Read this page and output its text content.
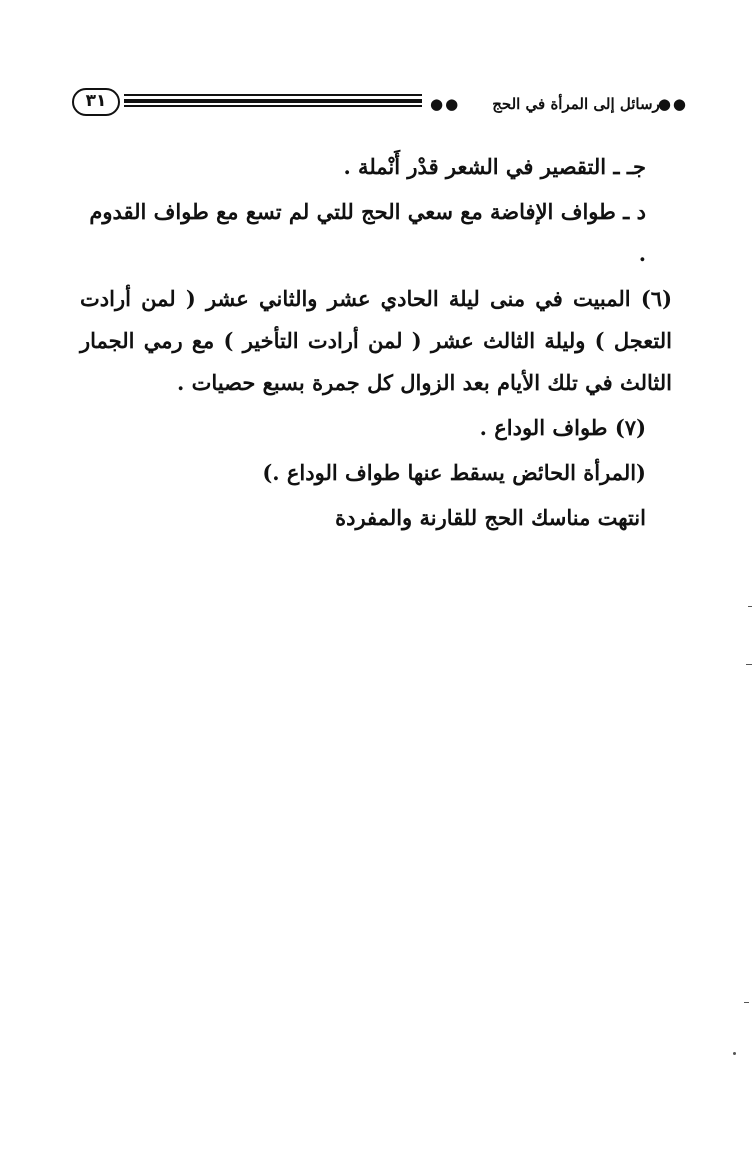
٣١	●● رسائل إلى المرأة في الحج
●●

جـ ـ التقصير في الشعر قدْر أَنْملة .

د ـ طواف الإفاضة مع سعي الحج للتي لم تسع مع طواف القدوم .

(٦) المبيت في منى ليلة الحادي عشر والثاني عشر ( لمن أرادت التعجل ) وليلة الثالث عشر ( لمن أرادت التأخير ) مع رمي الجمار الثالث في تلك الأيام بعد الزوال كل جمرة بسبع حصيات .

(٧) طواف الوداع .

(المرأة الحائض يسقط عنها طواف الوداع .)

انتهت مناسك الحج للقارنة والمفردة
